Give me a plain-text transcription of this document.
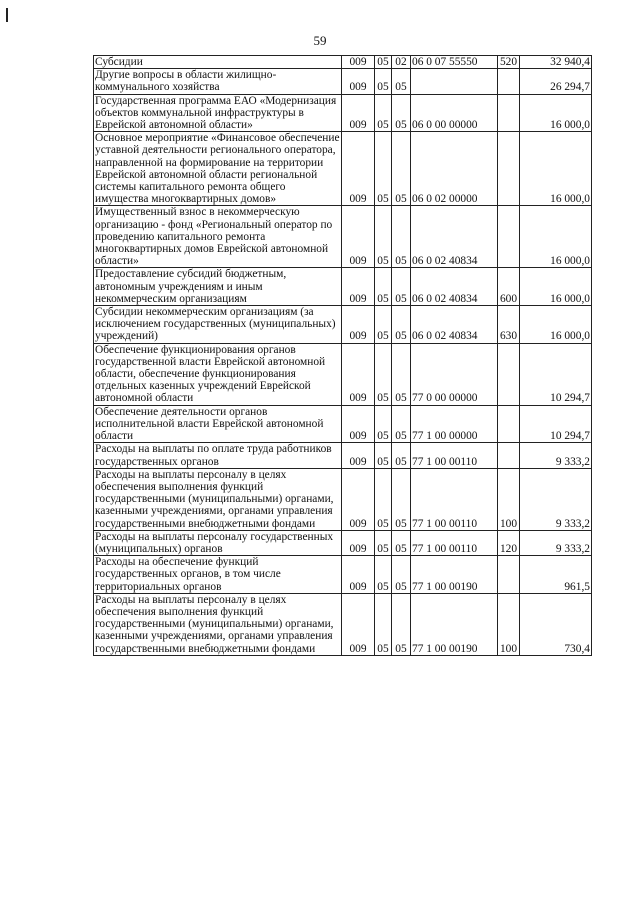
59
Субсидии	009	05	02	06 0 07 55550	520	32 940,4
Другие вопросы в области жилищно-коммунального хозяйства	009	05	05			26 294,7
Государственная программа ЕАО «Модернизация объектов коммунальной инфраструктуры в Еврейской автономной области»	009	05	05	06 0 00 00000		16 000,0
Основное мероприятие «Финансовое обеспечение уставной деятельности регионального оператора, направленной на формирование на территории Еврейской автономной области региональной системы капитального ремонта общего имущества многоквартирных домов»	009	05	05	06 0 02 00000		16 000,0
Имущественный взнос в некоммерческую организацию - фонд «Региональный оператор по проведению капитального ремонта многоквартирных домов Еврейской автономной области»	009	05	05	06 0 02 40834		16 000,0
Предоставление субсидий бюджетным, автономным учреждениям и иным некоммерческим организациям	009	05	05	06 0 02 40834	600	16 000,0
Субсидии некоммерческим организациям (за исключением государственных (муниципальных) учреждений)	009	05	05	06 0 02 40834	630	16 000,0
Обеспечение функционирования органов государственной власти Еврейской автономной области, обеспечение функционирования отдельных казенных учреждений Еврейской автономной области	009	05	05	77 0 00 00000		10 294,7
Обеспечение деятельности органов исполнительной власти Еврейской автономной области	009	05	05	77 1 00 00000		10 294,7
Расходы на выплаты по оплате труда работников государственных органов	009	05	05	77 1 00 00110		9 333,2
Расходы на выплаты персоналу в целях обеспечения выполнения функций государственными (муниципальными) органами, казенными учреждениями, органами управления государственными внебюджетными фондами	009	05	05	77 1 00 00110	100	9 333,2
Расходы на выплаты персоналу государственных (муниципальных) органов	009	05	05	77 1 00 00110	120	9 333,2
Расходы на обеспечение функций государственных органов, в том числе территориальных органов	009	05	05	77 1 00 00190		961,5
Расходы на выплаты персоналу в целях обеспечения выполнения функций государственными (муниципальными) органами, казенными учреждениями, органами управления государственными внебюджетными фондами	009	05	05	77 1 00 00190	100	730,4
